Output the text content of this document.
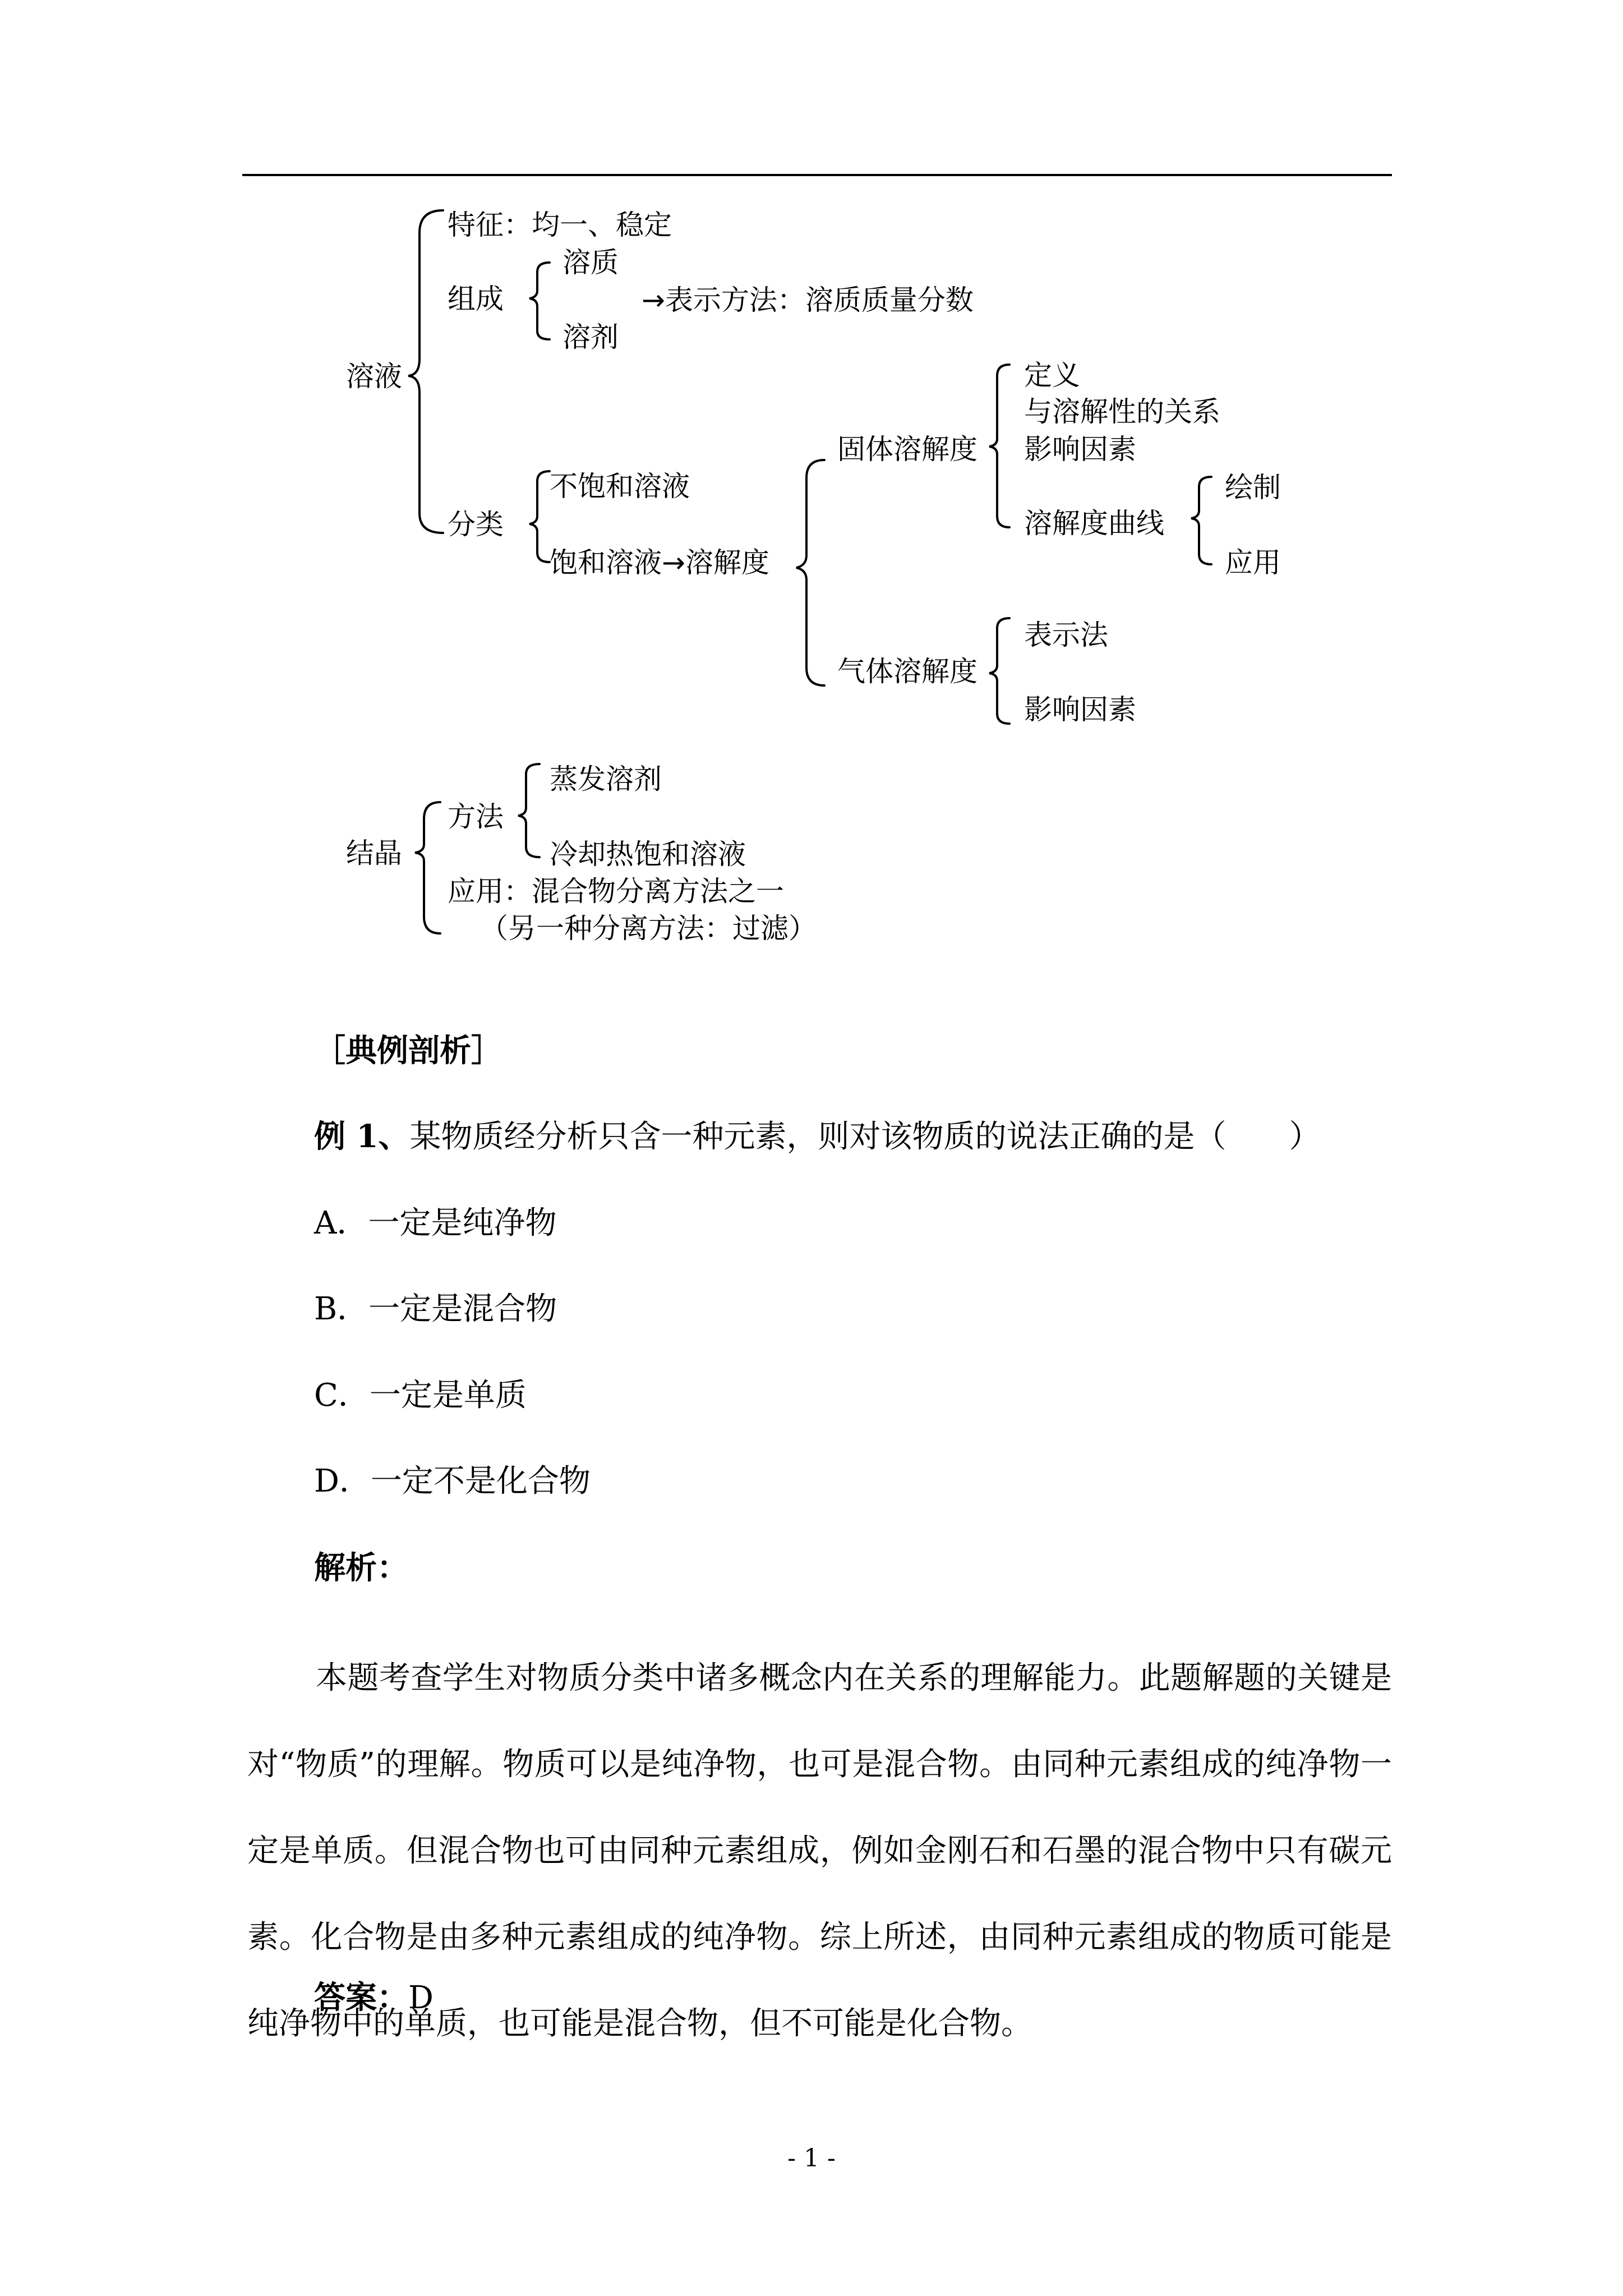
溶液
特征：均一、稳定
组成
溶质
溶剂
→表示方法：溶质质量分数
分类
不饱和溶液
饱和溶液→溶解度
固体溶解度
定义
与溶解性的关系
影响因素
溶解度曲线
绘制
应用
气体溶解度
表示法
影响因素
结晶
方法
蒸发溶剂
冷却热饱和溶液
应用：混合物分离方法之一
（另一种分离方法：过滤）
［典例剖析］
例 1、某物质经分析只含一种元素，则对该物质的说法正确的是（　　）
A．一定是纯净物
B．一定是混合物
C．一定是单质
D．一定不是化合物
解析：
本题考查学生对物质分类中诸多概念内在关系的理解能力。此题解题的关键是对“物质”的理解。物质可以是纯净物，也可是混合物。由同种元素组成的纯净物一定是单质。但混合物也可由同种元素组成，例如金刚石和石墨的混合物中只有碳元素。化合物是由多种元素组成的纯净物。综上所述，由同种元素组成的物质可能是纯净物中的单质，也可能是混合物，但不可能是化合物。
答案：D
- 1 -
